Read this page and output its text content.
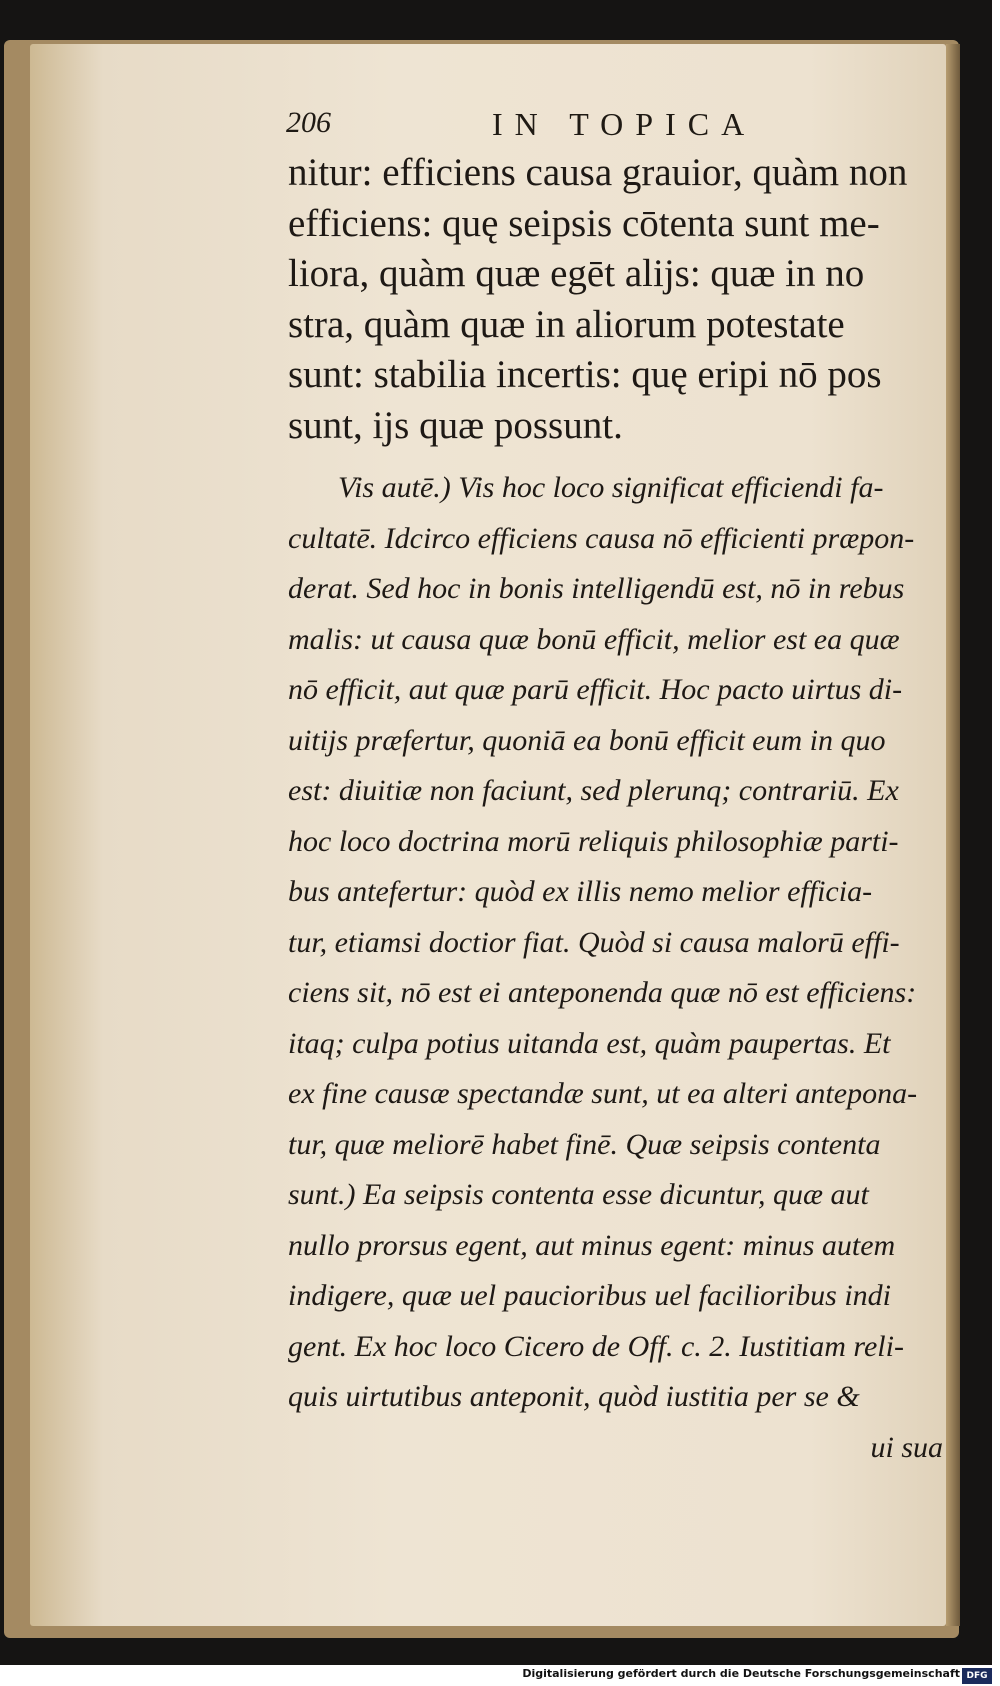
206	IN TOPICA
nitur: efficiens causa grauior, quàm non
efficiens: quę seipsis cōtenta sunt me-
liora, quàm quæ egēt alijs: quæ in no
stra, quàm quæ in aliorum potestate
sunt: stabilia incertis: quę eripi nō pos
sunt, ijs quæ possunt.
Vis autē.) Vis hoc loco significat efficiendi fa-
cultatē. Idcirco efficiens causa nō efficienti præpon-
derat. Sed hoc in bonis intelligendū est, nō in rebus
malis: ut causa quæ bonū efficit, melior est ea quæ
nō efficit, aut quæ parū efficit. Hoc pacto uirtus di-
uitijs præfertur, quoniā ea bonū efficit eum in quo
est: diuitiæ non faciunt, sed plerunq; contrariū. Ex
hoc loco doctrina morū reliquis philosophiæ parti-
bus antefertur: quòd ex illis nemo melior efficia-
tur, etiamsi doctior fiat. Quòd si causa malorū effi-
ciens sit, nō est ei anteponenda quæ nō est efficiens:
itaq; culpa potius uitanda est, quàm paupertas. Et
ex fine causæ spectandæ sunt, ut ea alteri antepona-
tur, quæ meliorē habet finē. Quæ seipsis contenta
sunt.) Ea seipsis contenta esse dicuntur, quæ aut
nullo prorsus egent, aut minus egent: minus autem
indigere, quæ uel paucioribus uel facilioribus indi
gent. Ex hoc loco Cicero de Off. c. 2. Iustitiam reli-
quis uirtutibus anteponit, quòd iustitia per se &
ui sua
Digitalisierung gefördert durch die Deutsche Forschungsgemeinschaft DFG
